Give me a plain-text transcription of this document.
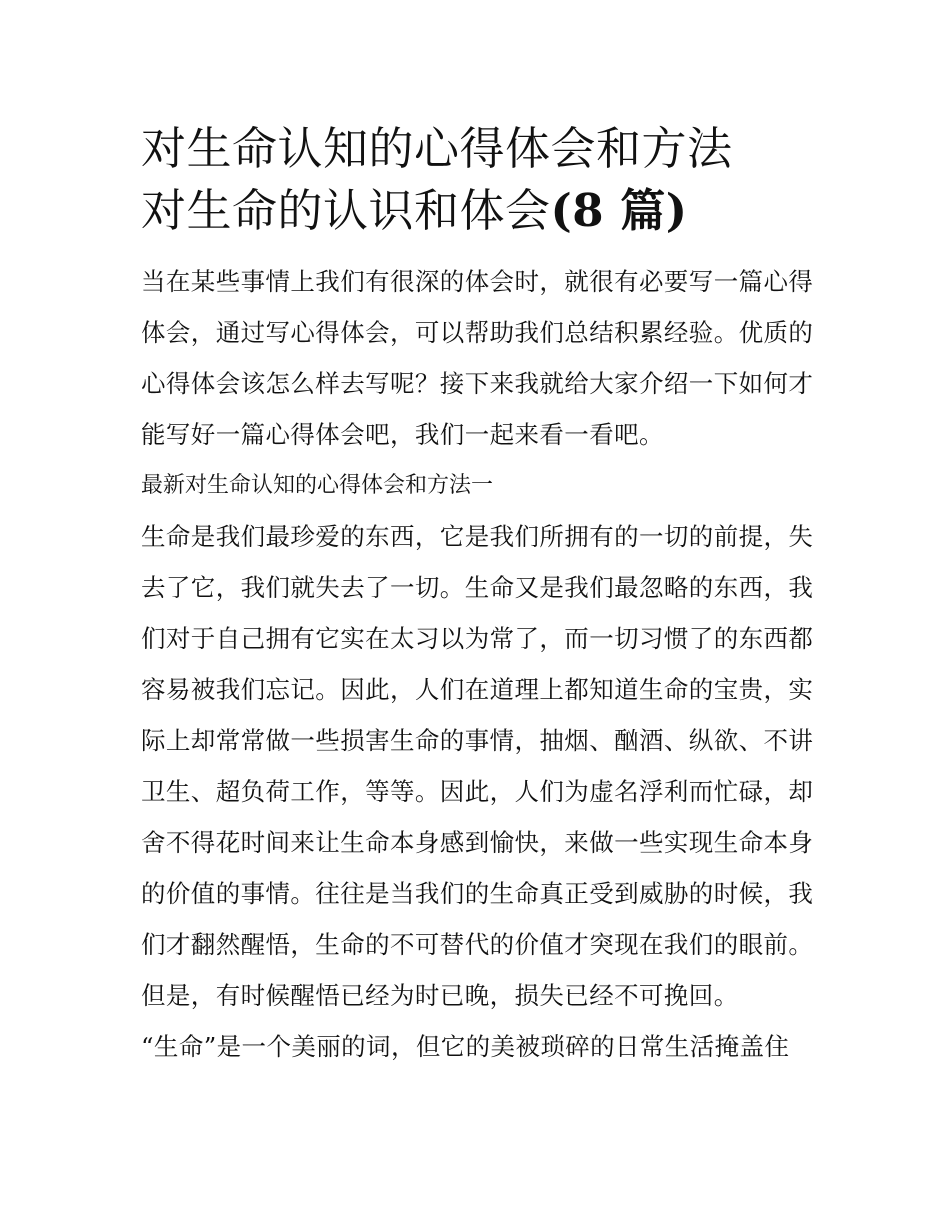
对生命认知的心得体会和方法

对生命的认识和体会(8 篇)

当在某些事情上我们有很深的体会时，就很有必要写一篇心得
体会，通过写心得体会，可以帮助我们总结积累经验。优质的
心得体会该怎么样去写呢？接下来我就给大家介绍一下如何才
能写好一篇心得体会吧，我们一起来看一看吧。

最新对生命认知的心得体会和方法一

生命是我们最珍爱的东西，它是我们所拥有的一切的前提，失
去了它，我们就失去了一切。生命又是我们最忽略的东西，我
们对于自己拥有它实在太习以为常了，而一切习惯了的东西都
容易被我们忘记。因此，人们在道理上都知道生命的宝贵，实
际上却常常做一些损害生命的事情，抽烟、酗酒、纵欲、不讲
卫生、超负荷工作，等等。因此，人们为虚名浮利而忙碌，却
舍不得花时间来让生命本身感到愉快，来做一些实现生命本身
的价值的事情。往往是当我们的生命真正受到威胁的时候，我
们才翻然醒悟，生命的不可替代的价值才突现在我们的眼前。
但是，有时候醒悟已经为时已晚，损失已经不可挽回。

“生命”是一个美丽的词，但它的美被琐碎的日常生活掩盖住
